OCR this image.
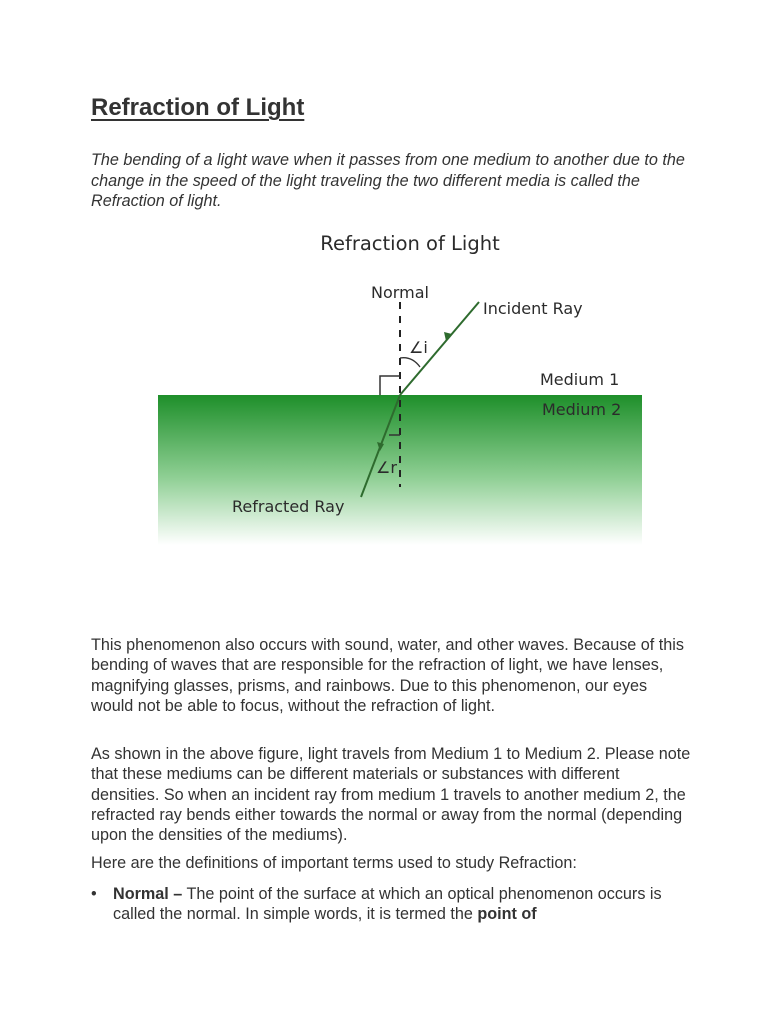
Refraction of Light

The bending of a light wave when it passes from one medium to another due to the change in the speed of the light traveling the two different media is called the Refraction of light.

Refraction of Light
Normal
Incident Ray
∠i
Medium 1
Medium 2
∠r
Refracted Ray

This phenomenon also occurs with sound, water, and other waves. Because of this bending of waves that are responsible for the refraction of light, we have lenses, magnifying glasses, prisms, and rainbows. Due to this phenomenon, our eyes would not be able to focus, without the refraction of light.

As shown in the above figure, light travels from Medium 1 to Medium 2. Please note that these mediums can be different materials or substances with different densities. So when an incident ray from medium 1 travels to another medium 2, the refracted ray bends either towards the normal or away from the normal (depending upon the densities of the mediums).

Here are the definitions of important terms used to study Refraction:

• Normal – The point of the surface at which an optical phenomenon occurs is called the normal. In simple words, it is termed the point of
